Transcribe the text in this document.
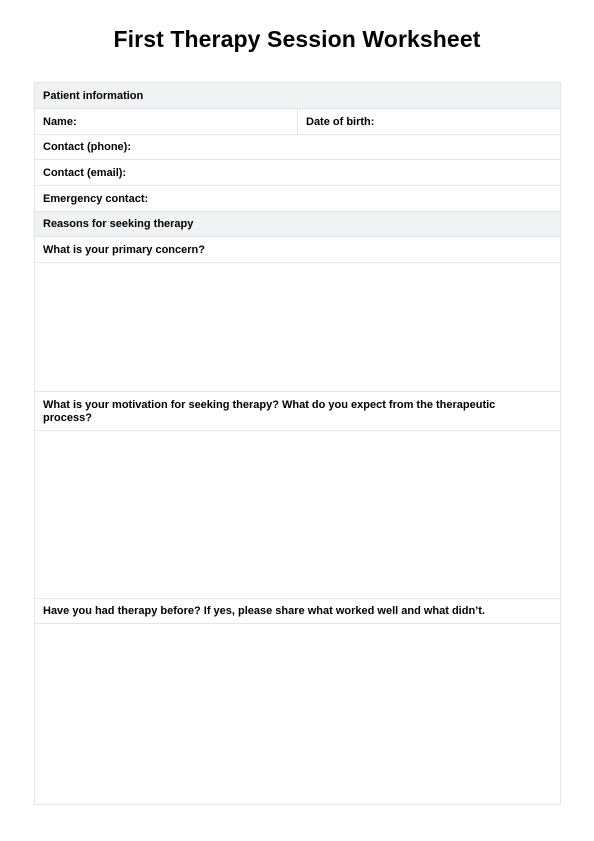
First Therapy Session Worksheet
Patient information
Name:	Date of birth:
Contact (phone):
Contact (email):
Emergency contact:
Reasons for seeking therapy
What is your primary concern?
What is your motivation for seeking therapy? What do you expect from the therapeutic process?
Have you had therapy before? If yes, please share what worked well and what didn’t.
